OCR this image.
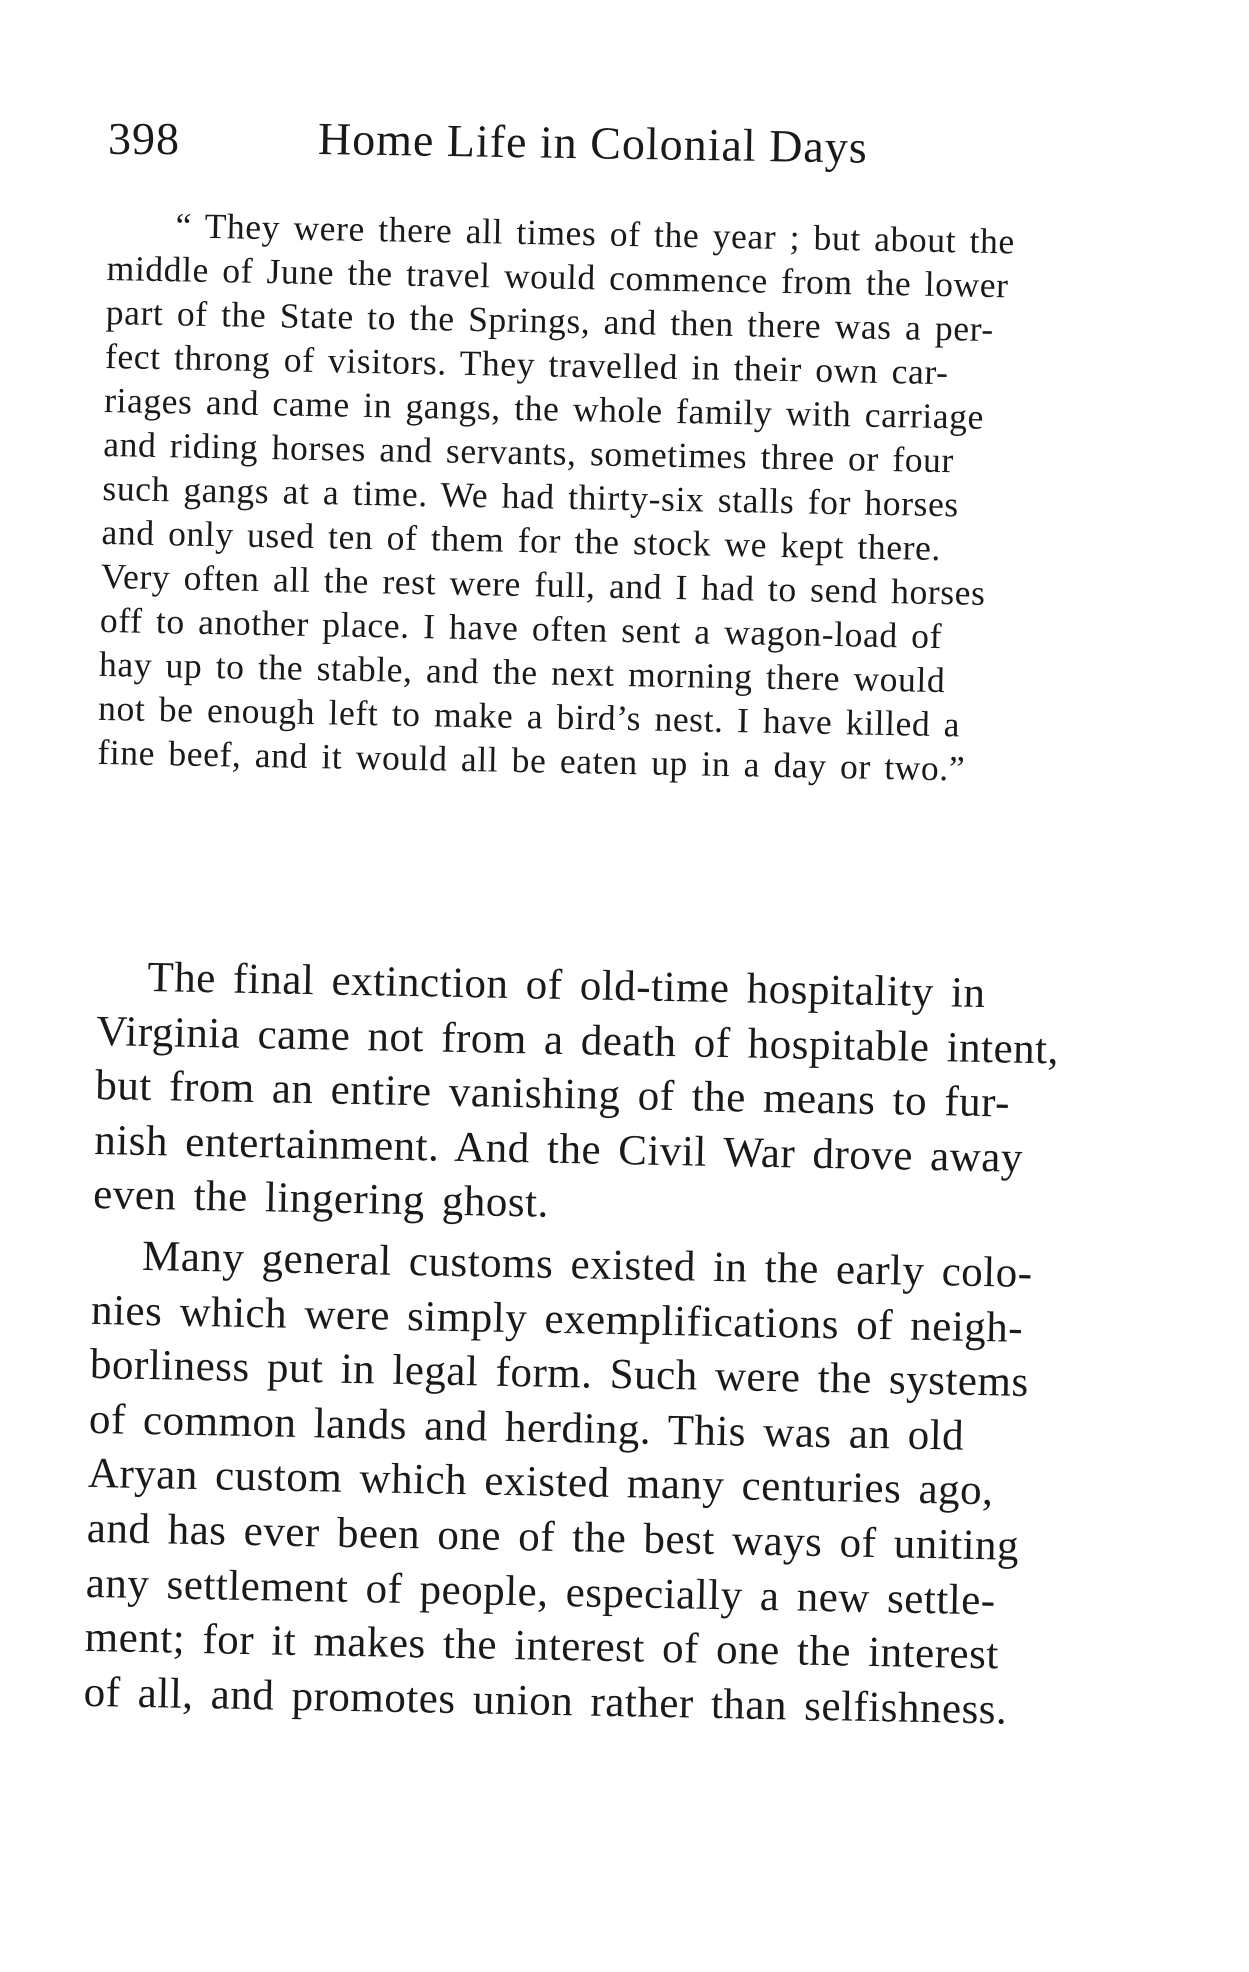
398	Home Life in Colonial Days
“ They were there all times of the year ; but about the
middle of June the travel would commence from the lower
part of the State to the Springs, and then there was a per-
fect throng of visitors. They travelled in their own car-
riages and came in gangs, the whole family with carriage
and riding horses and servants, sometimes three or four
such gangs at a time. We had thirty-six stalls for horses
and only used ten of them for the stock we kept there.
Very often all the rest were full, and I had to send horses
off to another place. I have often sent a wagon-load of
hay up to the stable, and the next morning there would
not be enough left to make a bird’s nest. I have killed a
fine beef, and it would all be eaten up in a day or two.”
The final extinction of old-time hospitality in
Virginia came not from a death of hospitable intent,
but from an entire vanishing of the means to fur-
nish entertainment. And the Civil War drove away
even the lingering ghost.
Many general customs existed in the early colo-
nies which were simply exemplifications of neigh-
borliness put in legal form. Such were the systems
of common lands and herding. This was an old
Aryan custom which existed many centuries ago,
and has ever been one of the best ways of uniting
any settlement of people, especially a new settle-
ment; for it makes the interest of one the interest
of all, and promotes union rather than selfishness.
